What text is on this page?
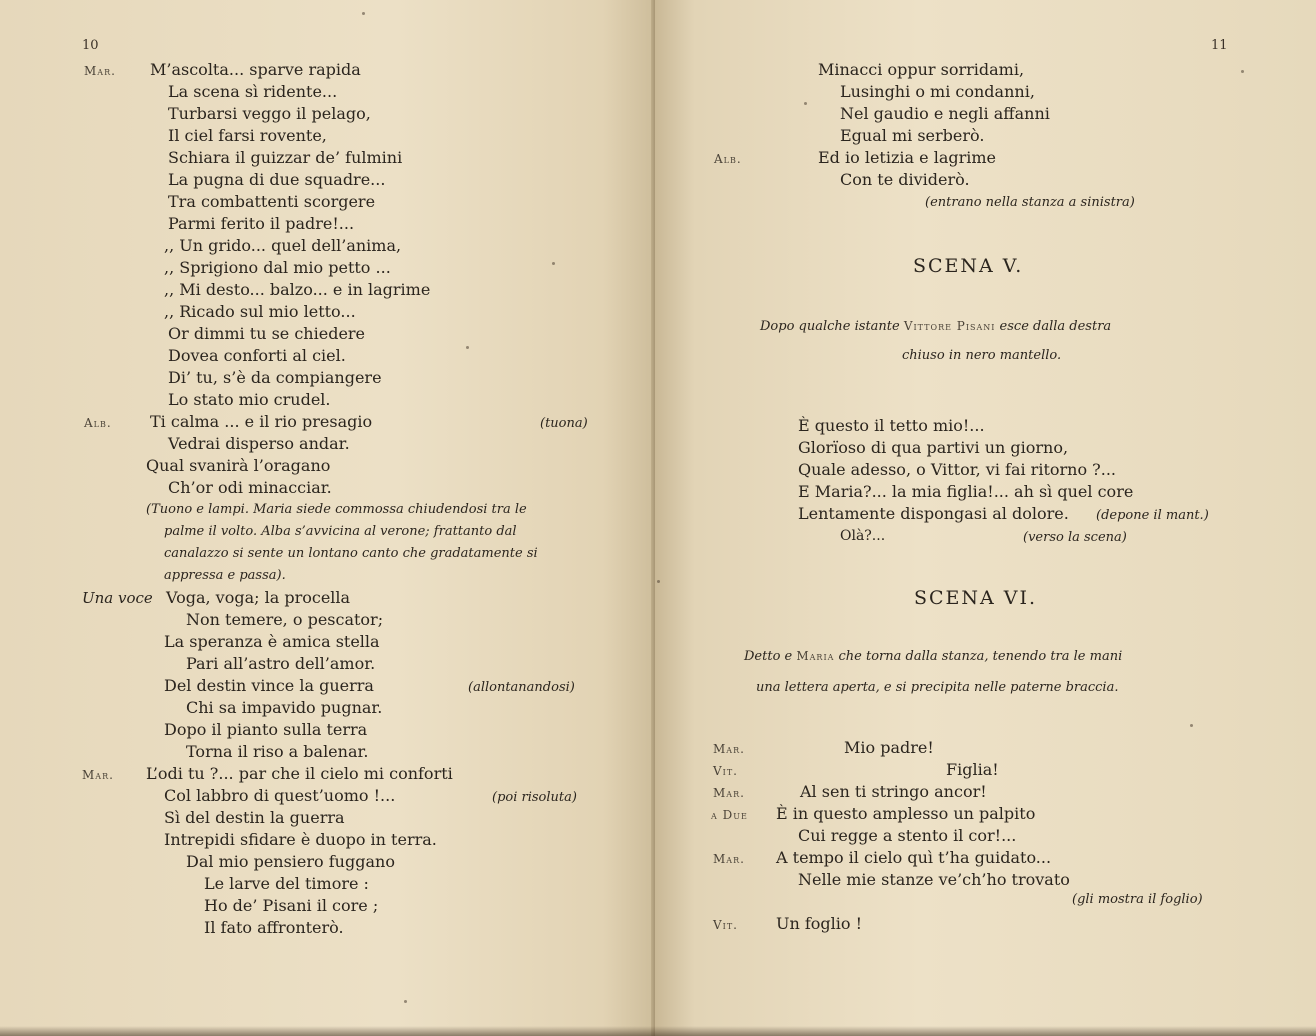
10
Mar. M’ascolta... sparve rapida
La scena sì ridente...
Turbarsi veggo il pelago,
Il ciel farsi rovente,
Schiara il guizzar de’ fulmini
La pugna di due squadre...
Tra combattenti scorgere
Parmi ferito il padre!...
,, Un grido... quel dell’anima,
,, Sprigiono dal mio petto ...
,, Mi desto... balzo... e in lagrime
,, Ricado sul mio letto...
Or dimmi tu se chiedere
Dovea conforti al ciel.
Di’ tu, s’è da compiangere
Lo stato mio crudel.
Alb. Ti calma ... e il rio presagio	(tuona)
Vedrai disperso andar.
Qual svanirà l’oragano
Ch’or odi minacciar.
(Tuono e lampi. Maria siede commossa chiudendosi tra le
palme il volto. Alba s’avvicina al verone; frattanto dal
canalazzo si sente un lontano canto che gradatamente si
appressa e passa).
Una voce Voga, voga; la procella
Non temere, o pescator;
La speranza è amica stella
Pari all’astro dell’amor.
Del destin vince la guerra	(allontanandosi)
Chi sa impavido pugnar.
Dopo il pianto sulla terra
Torna il riso a balenar.
Mar. L’odi tu ?... par che il cielo mi conforti
Col labbro di quest’uomo !...	(poi risoluta)
Sì del destin la guerra
Intrepidi sfidare è duopo in terra.
Dal mio pensiero fuggano
Le larve del timore :
Ho de’ Pisani il core ;
Il fato affronterò.
11
Minacci oppur sorridami,
Lusinghi o mi condanni,
Nel gaudio e negli affanni
Egual mi serberò.
Alb.	Ed io letizia e lagrime
Con te dividerò.
(entrano nella stanza a sinistra)
SCENA V.
Dopo qualche istante Vittore Pisani esce dalla destra
chiuso in nero mantello.
È questo il tetto mio!...
Glorïoso di qua partivi un giorno,
Quale adesso, o Vittor, vi fai ritorno ?...
E Maria?... la mia figlia!... ah sì quel core
Lentamente dispongasi al dolore. (depone il mant.)
Olà?...	(verso la scena)
SCENA VI.
Detto e Maria che torna dalla stanza, tenendo tra le mani
una lettera aperta, e si precipita nelle paterne braccia.
Mar.	Mio padre!
Vit.	Figlia!
Mar.	Al sen ti stringo ancor!
a Due È in questo amplesso un palpito
Cui regge a stento il cor!...
Mar. A tempo il cielo quì t’ha guidato...
Nelle mie stanze ve’ch’ho trovato
(gli mostra il foglio)
Vit. Un foglio !
